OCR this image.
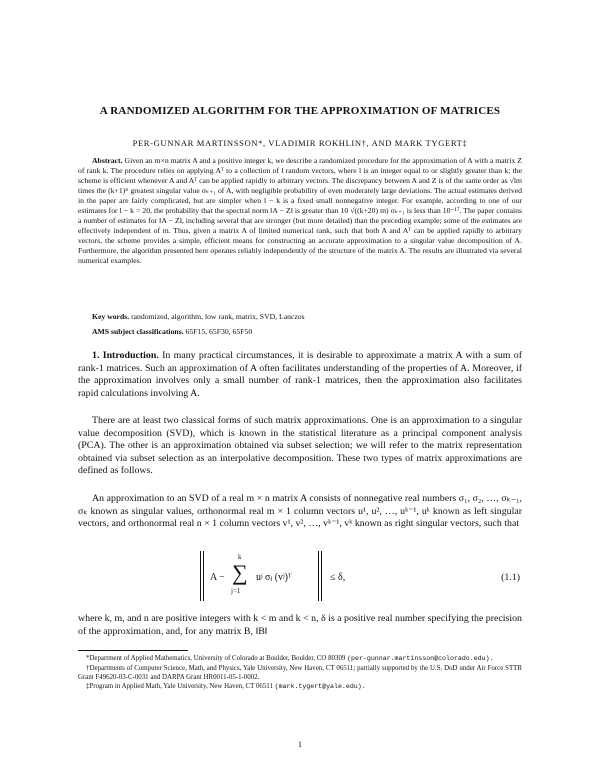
A RANDOMIZED ALGORITHM FOR THE APPROXIMATION OF MATRICES
PER-GUNNAR MARTINSSON*, VLADIMIR ROKHLIN†, AND MARK TYGERT‡
Abstract. Given an m×n matrix A and a positive integer k, we describe a randomized procedure for the approximation of A with a matrix Z of rank k. The procedure relies on applying Aᵀ to a collection of l random vectors, where l is an integer equal to or slightly greater than k; the scheme is efficient whenever A and Aᵀ can be applied rapidly to arbitrary vectors. The discrepancy between A and Z is of the same order as √lm times the (k+1)ˢᵗ greatest singular value σₖ₊₁ of A, with negligible probability of even moderately large deviations. The actual estimates derived in the paper are fairly complicated, but are simpler when l − k is a fixed small nonnegative integer. For example, according to one of our estimates for l − k = 20, the probability that the spectral norm ‖A − Z‖ is greater than 10 √((k+20) m) σₖ₊₁ is less than 10⁻¹⁷. The paper contains a number of estimates for ‖A − Z‖, including several that are stronger (but more detailed) than the preceding example; some of the estimates are effectively independent of m. Thus, given a matrix A of limited numerical rank, such that both A and Aᵀ can be applied rapidly to arbitrary vectors, the scheme provides a simple, efficient means for constructing an accurate approximation to a singular value decomposition of A. Furthermore, the algorithm presented here operates reliably independently of the structure of the matrix A. The results are illustrated via several numerical examples.
Key words. randomized, algorithm, low rank, matrix, SVD, Lanczos
AMS subject classifications. 65F15, 65F30, 65F50
1. Introduction. In many practical circumstances, it is desirable to approximate a matrix A with a sum of rank-1 matrices. Such an approximation of A often facilitates understanding of the properties of A. Moreover, if the approximation involves only a small number of rank-1 matrices, then the approximation also facilitates rapid calculations involving A.
There are at least two classical forms of such matrix approximations. One is an approximation to a singular value decomposition (SVD), which is known in the statistical literature as a principal component analysis (PCA). The other is an approximation obtained via subset selection; we will refer to the matrix representation obtained via subset selection as an interpolative decomposition. These two types of matrix approximations are defined as follows.
An approximation to an SVD of a real m × n matrix A consists of nonnegative real numbers σ₁, σ₂, …, σₖ₋₁, σₖ known as singular values, orthonormal real m × 1 column vectors u¹, u², …, uᵏ⁻¹, uᵏ known as left singular vectors, and orthonormal real n × 1 column vectors v¹, v², …, vᵏ⁻¹, vᵏ known as right singular vectors, such that
A −
k
∑
j=1
uʲ σⱼ (vʲ)ᵀ	≤ δ,	(1.1)
where k, m, and n are positive integers with k < m and k < n, δ is a positive real number specifying the precision of the approximation, and, for any matrix B, ‖B‖
*Department of Applied Mathematics, University of Colorado at Boulder, Boulder, CO 80309 (per-gunnar.martinsson@colorado.edu).
†Departments of Computer Science, Math, and Physics, Yale University, New Haven, CT 06511; partially supported by the U.S. DoD under Air Force STTR Grant F49620-03-C-0031 and DARPA Grant HR0011-05-1-0002.
‡Program in Applied Math, Yale University, New Haven, CT 06511 (mark.tygert@yale.edu).
1
